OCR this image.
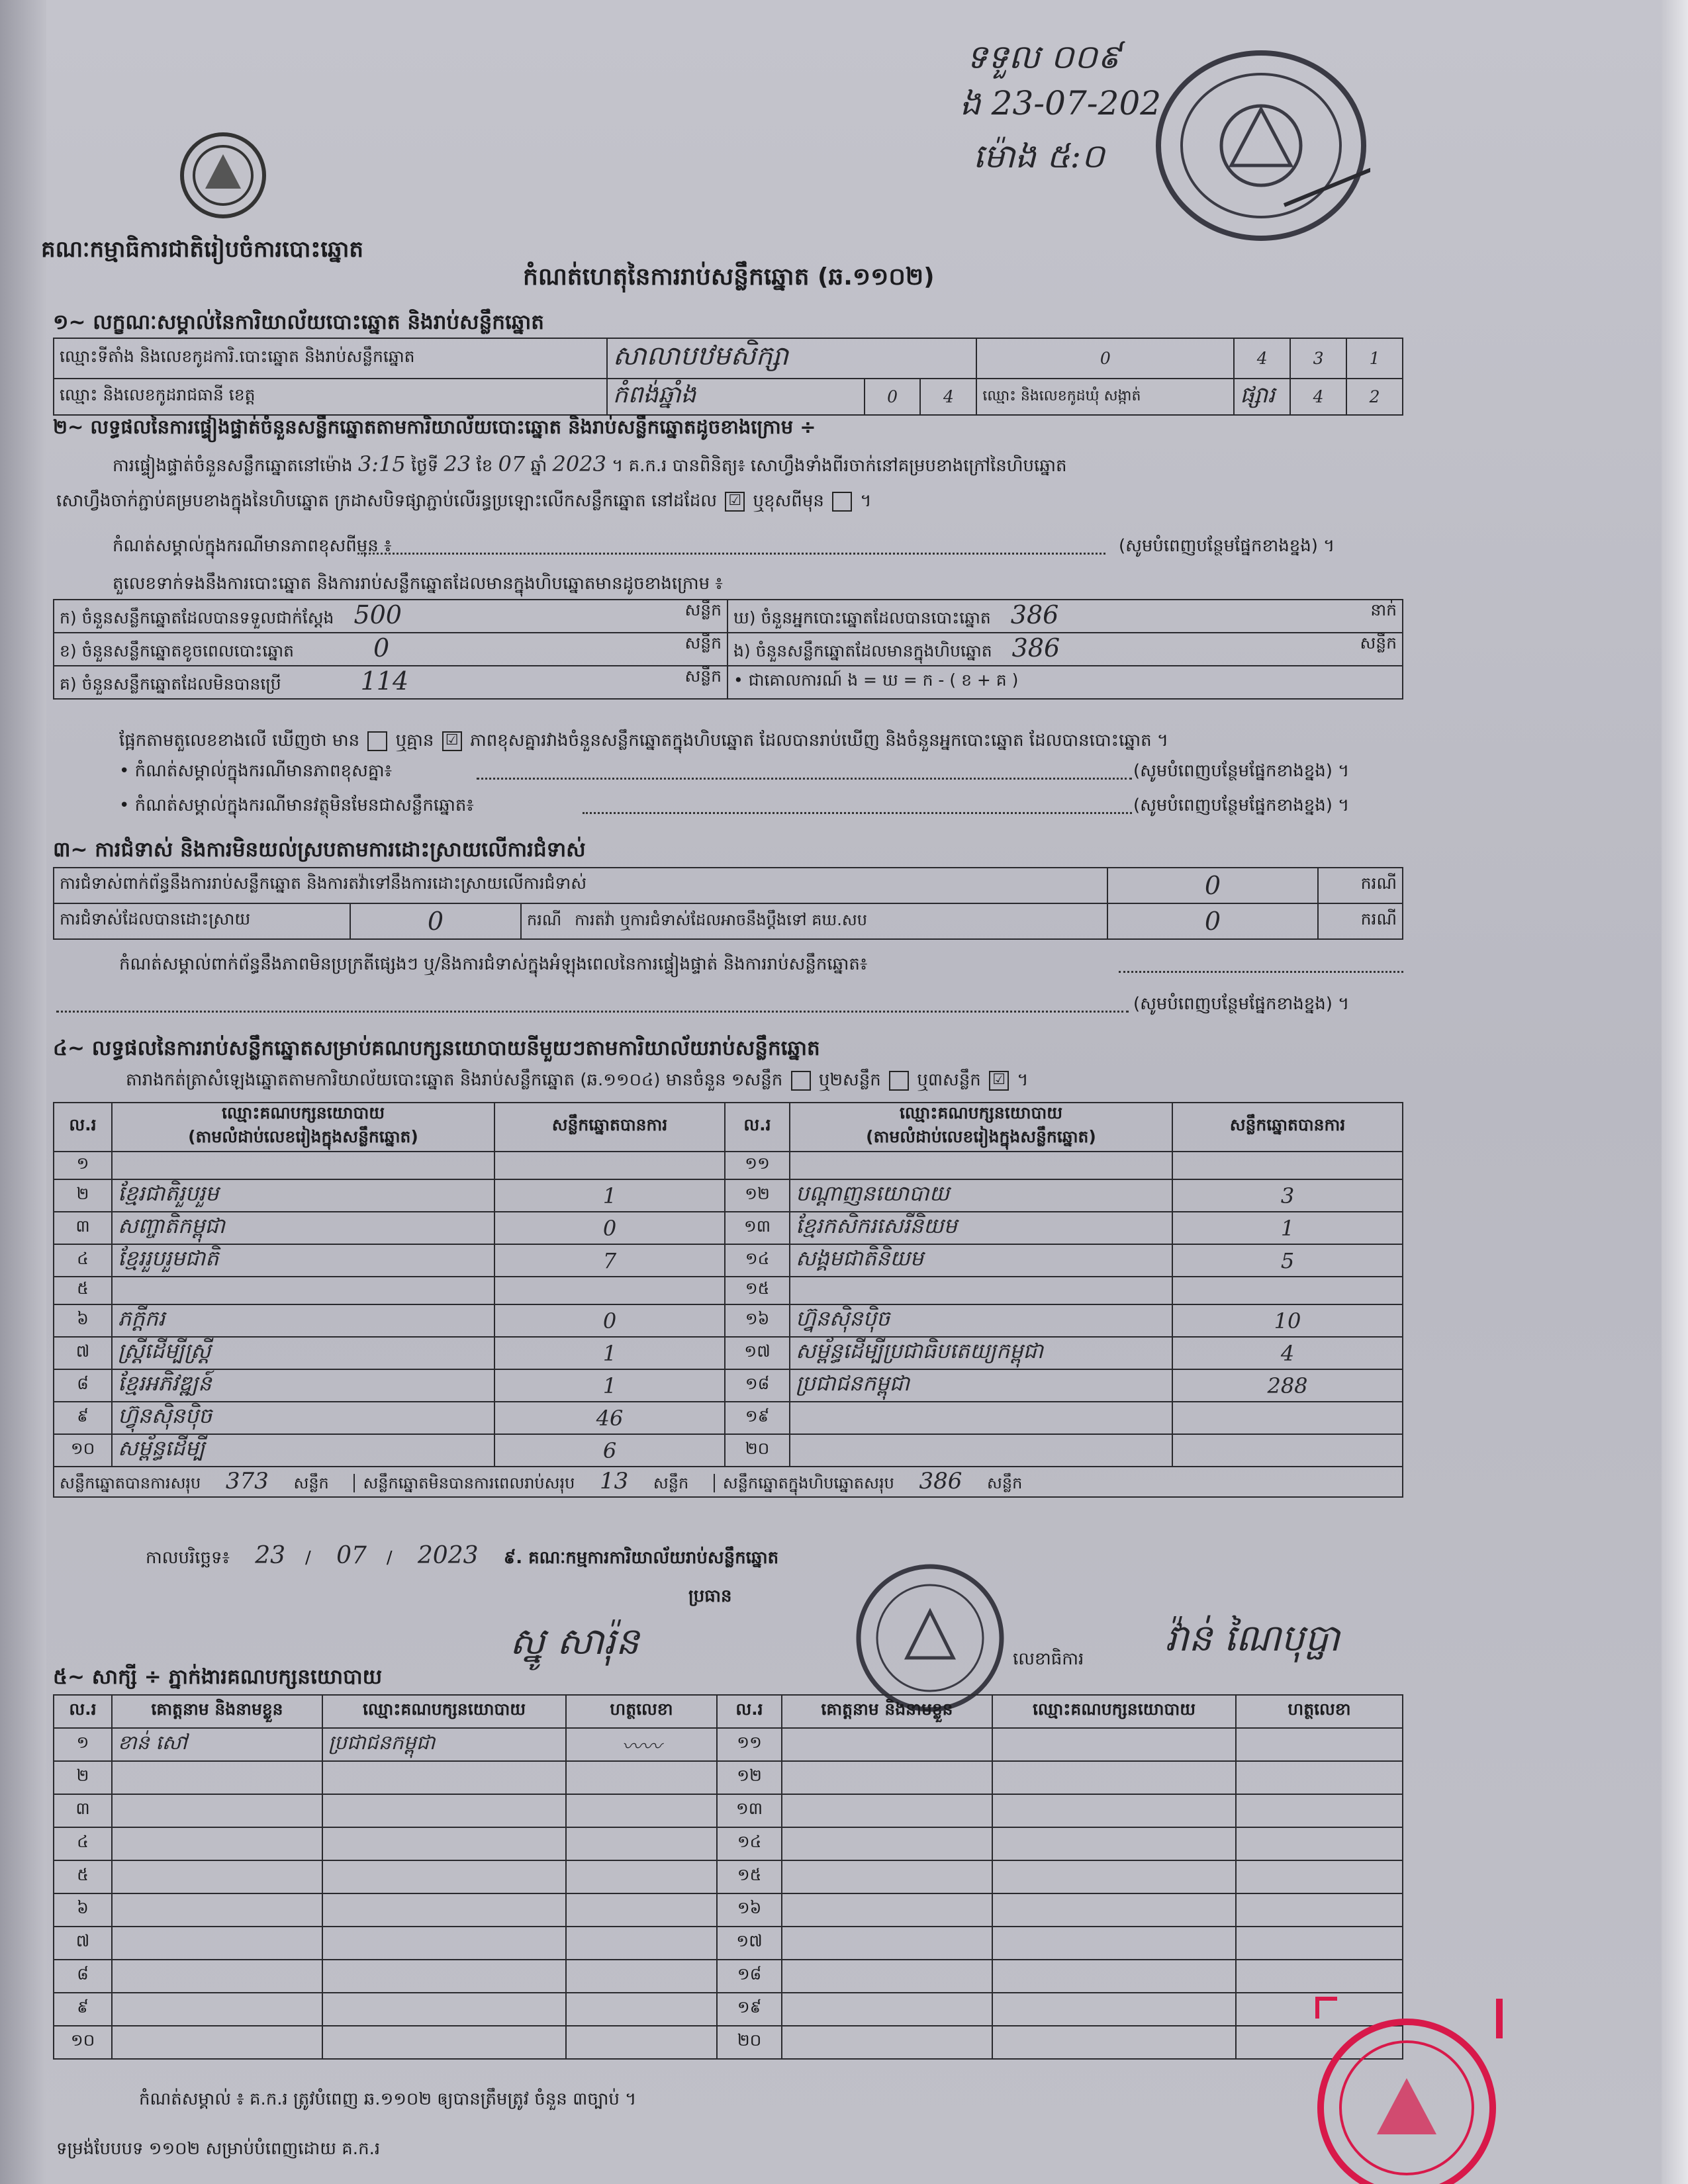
ទទួល ០០៩
ង 23-07-202
ម៉ោង ៥:០
គណៈកម្មាធិការជាតិរៀបចំការបោះឆ្នោត
កំណត់ហេតុនៃការរាប់សន្លឹកឆ្នោត (ឆ.១១០២)
១~ លក្ខណៈសម្គាល់នៃការិយាល័យបោះឆ្នោត និងរាប់សន្លឹកឆ្នោត
ឈ្មោះទីតាំង និងលេខកូដការិ.បោះឆ្នោត និងរាប់សន្លឹកឆ្នោត	សាលាបឋមសិក្សា			0	4	3	1
ឈ្មោះ និងលេខកូដរាជធានី ខេត្ត	កំពង់ឆ្នាំង	0	4	ឈ្មោះ និងលេខកូដឃុំ សង្កាត់	ផ្សារ	4	2
២~ លទ្ធផលនៃការផ្ទៀងផ្ទាត់ចំនួនសន្លឹកឆ្នោតតាមការិយាល័យបោះឆ្នោត និងរាប់សន្លឹកឆ្នោតដូចខាងក្រោម ÷
ការផ្ទៀងផ្ទាត់ចំនួនសន្លឹកឆ្នោតនៅម៉ោង 3:15 ថ្ងៃទី 23 ខែ 07 ឆ្នាំ 2023 ។ គ.ក.រ បានពិនិត្យ៖ សោហ្វឹងទាំងពីរចាក់នៅគម្របខាងក្រៅនៃហិបឆ្នោត
សោហ្វឹងចាក់ភ្ជាប់គម្របខាងក្នុងនៃហិបឆ្នោត ក្រដាសបិទផ្សាភ្ជាប់លើរន្ធប្រឡោះលើកសន្លឹកឆ្នោត នៅដដែល ☑ ឬខុសពីមុន ។
កំណត់សម្គាល់ក្នុងករណីមានភាពខុសពីមុន ៖	(សូមបំពេញបន្ថែមផ្នែកខាងខ្នង) ។
តួលេខទាក់ទងនឹងការបោះឆ្នោត និងការរាប់សន្លឹកឆ្នោតដែលមានក្នុងហិបឆ្នោតមានដូចខាងក្រោម ៖
ក) ចំនួនសន្លឹកឆ្នោតដែលបានទទួលជាក់ស្តែង 500 សន្លឹក	ឃ) ចំនួនអ្នកបោះឆ្នោតដែលបានបោះឆ្នោត 386 នាក់

ខ) ចំនួនសន្លឹកឆ្នោតខូចពេលបោះឆ្នោត 0 សន្លឹក	ង) ចំនួនសន្លឹកឆ្នោតដែលមានក្នុងហិបឆ្នោត 386 សន្លឹក

គ) ចំនួនសន្លឹកឆ្នោតដែលមិនបានប្រើ 114 សន្លឹក	• ជាគោលការណ៍ ង = ឃ = ក - ( ខ + គ )
ផ្អែកតាមតួលេខខាងលើ ឃើញថា មាន ឬគ្មាន ☑ ភាពខុសគ្នារវាងចំនួនសន្លឹកឆ្នោតក្នុងហិបឆ្នោត ដែលបានរាប់ឃើញ និងចំនួនអ្នកបោះឆ្នោត ដែលបានបោះឆ្នោត ។
• កំណត់សម្គាល់ក្នុងករណីមានភាពខុសគ្នា៖	(សូមបំពេញបន្ថែមផ្នែកខាងខ្នង) ។
• កំណត់សម្គាល់ក្នុងករណីមានវត្ថុមិនមែនជាសន្លឹកឆ្នោត៖	(សូមបំពេញបន្ថែមផ្នែកខាងខ្នង) ។
៣~ ការជំទាស់ និងការមិនយល់ស្របតាមការដោះស្រាយលើការជំទាស់
ការជំទាស់ពាក់ព័ន្ធនឹងការរាប់សន្លឹកឆ្នោត និងការតវ៉ាទៅនឹងការដោះស្រាយលើការជំទាស់			0	ករណី
ការជំទាស់ដែលបានដោះស្រាយ	0	ករណី ការតវ៉ា ឬការជំទាស់ដែលអាចនឹងប្តឹងទៅ គឃ.សប	0	ករណី
កំណត់សម្គាល់ពាក់ព័ន្ធនឹងភាពមិនប្រក្រតីផ្សេងៗ ឬ/និងការជំទាស់ក្នុងអំឡុងពេលនៃការផ្ទៀងផ្ទាត់ និងការរាប់សន្លឹកឆ្នោត៖
(សូមបំពេញបន្ថែមផ្នែកខាងខ្នង) ។
៤~ លទ្ធផលនៃការរាប់សន្លឹកឆ្នោតសម្រាប់គណបក្សនយោបាយនីមួយៗតាមការិយាល័យរាប់សន្លឹកឆ្នោត
តារាងកត់ត្រាសំឡេងឆ្នោតតាមការិយាល័យបោះឆ្នោត និងរាប់សន្លឹកឆ្នោត (ឆ.១១០៤) មានចំនួន ១សន្លឹក ឬ២សន្លឹក ឬ៣សន្លឹក ☑ ។
ល.រ	ឈ្មោះគណបក្សនយោបាយ
(តាមលំដាប់លេខរៀងក្នុងសន្លឹកឆ្នោត)	សន្លឹកឆ្នោតបានការ	ល.រ	ឈ្មោះគណបក្សនយោបាយ
(តាមលំដាប់លេខរៀងក្នុងសន្លឹកឆ្នោត)	សន្លឹកឆ្នោតបានការ
១			១១		
២	ខ្មែរជាតិរួបរួម	1	១២	បណ្តាញនយោបាយ	3
៣	សញ្ចាតិកម្ពុជា	0	១៣	ខ្មែរកសិករសេរីនិយម	1
៤	ខ្មែររួបរួមជាតិ	7	១៤	សង្គមជាតិនិយម	5
៥			១៥		
៦	ភក្តីករ	0	១៦	ហ្វ៊ុនស៊ិនប៉ិច	10
៧	ស្ត្រីដើម្បីស្ត្រី	1	១៧	សម្ព័ន្ធដើម្បីប្រជាធិបតេយ្យកម្ពុជា	4
៨	ខ្មែរអភិវឌ្ឍន៍	1	១៨	ប្រជាជនកម្ពុជា	288
៩	ហ៊្វុនស៊ិនប៉ិច	46	១៩		
១០	សម្ព័ន្ធដើម្បី	6	២០		
សន្លឹកឆ្នោតបានការសរុប 373 សន្លឹក សន្លឹកឆ្នោតមិនបានការពេលរាប់សរុប 13 សន្លឹក សន្លឹកឆ្នោតក្នុងហិបឆ្នោតសរុប 386 សន្លឹក					
កាលបរិច្ឆេទ៖ 23 / 07 / 2023 ៩. គណៈកម្មការការិយាល័យរាប់សន្លឹកឆ្នោត
ប្រធាន
ស្នូ សារ៉ុន	លេខាធិការ វ៉ាន់ ណៃបុប្ផា
៥~ សាក្សី ÷ ភ្នាក់ងារគណបក្សនយោបាយ
ល.រ	គោត្តនាម និងនាមខ្លួន	ឈ្មោះគណបក្សនយោបាយ	ហត្ថលេខា	ល.រ	គោត្តនាម និងនាមខ្លួន	ឈ្មោះគណបក្សនយោបាយ	ហត្ថលេខា
១	ខាន់ សៅ	ប្រជាជនកម្ពុជា	〰〰	១១			
២				១២			
៣				១៣			
៤				១៤			
៥				១៥			
៦				១៦			
៧				១៧			
៨				១៨			
៩				១៩			
១០				២០			
កំណត់សម្គាល់ ៖ គ.ក.រ ត្រូវបំពេញ ឆ.១១០២ ឲ្យបានត្រឹមត្រូវ ចំនួន ៣ច្បាប់ ។
ទម្រង់បែបបទ ១១០២ សម្រាប់បំពេញដោយ គ.ក.រ
